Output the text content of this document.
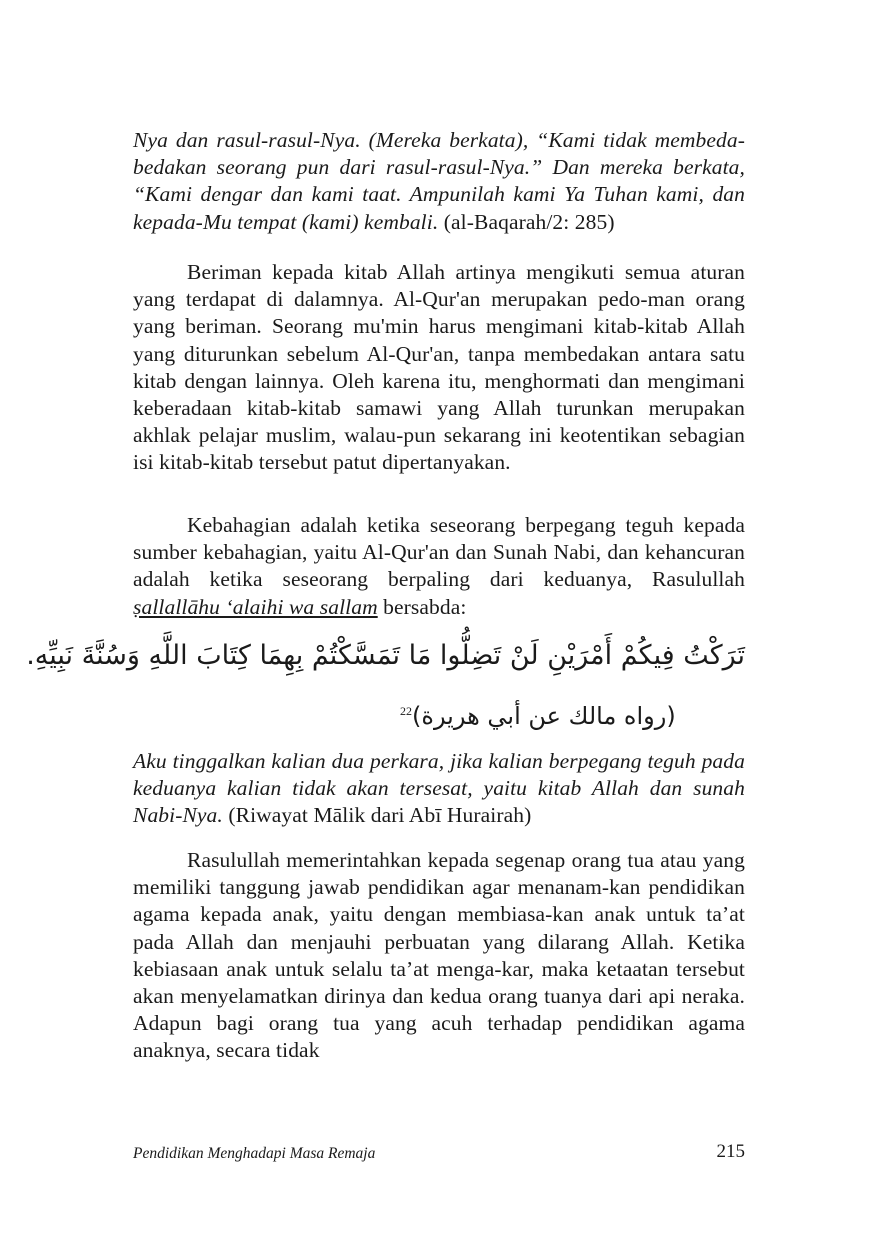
Nya dan rasul-rasul-Nya. (Mereka berkata), “Kami tidak membeda-bedakan seorang pun dari rasul-rasul-Nya.” Dan mereka berkata, “Kami dengar dan kami taat. Ampunilah kami Ya Tuhan kami, dan kepada-Mu tempat (kami) kembali. (al-Baqarah/2: 285)

Beriman kepada kitab Allah artinya mengikuti semua aturan yang terdapat di dalamnya. Al-Qur'an merupakan pedo-man orang yang beriman. Seorang mu'min harus mengimani kitab-kitab Allah yang diturunkan sebelum Al-Qur'an, tanpa membedakan antara satu kitab dengan lainnya. Oleh karena itu, menghormati dan mengimani keberadaan kitab-kitab samawi yang Allah turunkan merupakan akhlak pelajar muslim, walau-pun sekarang ini keotentikan sebagian isi kitab-kitab tersebut patut dipertanyakan.

Kebahagian adalah ketika seseorang berpegang teguh kepada sumber kebahagian, yaitu Al-Qur'an dan Sunah Nabi, dan kehancuran adalah ketika seseorang berpaling dari keduanya, Rasulullah ṣallallāhu ‘alaihi wa sallam bersabda:

تَرَكْتُ فِيكُمْ أَمْرَيْنِ لَنْ تَضِلُّوا مَا تَمَسَّكْتُمْ بِهِمَا كِتَابَ اللَّهِ وَسُنَّةَ نَبِيِّهِ.
(رواه مالك عن أبي هريرة)$^{22}$

Aku tinggalkan kalian dua perkara, jika kalian berpegang teguh pada keduanya kalian tidak akan tersesat, yaitu kitab Allah dan sunah Nabi-Nya. (Riwayat Mālik dari Abī Hurairah)

Rasulullah memerintahkan kepada segenap orang tua atau yang memiliki tanggung jawab pendidikan agar menanam-kan pendidikan agama kepada anak, yaitu dengan membiasa-kan anak untuk ta’at pada Allah dan menjauhi perbuatan yang dilarang Allah. Ketika kebiasaan anak untuk selalu ta’at menga-kar, maka ketaatan tersebut akan menyelamatkan dirinya dan kedua orang tuanya dari api neraka. Adapun bagi orang tua yang acuh terhadap pendidikan agama anaknya, secara tidak

Pendidikan Menghadapi Masa Remaja	215
